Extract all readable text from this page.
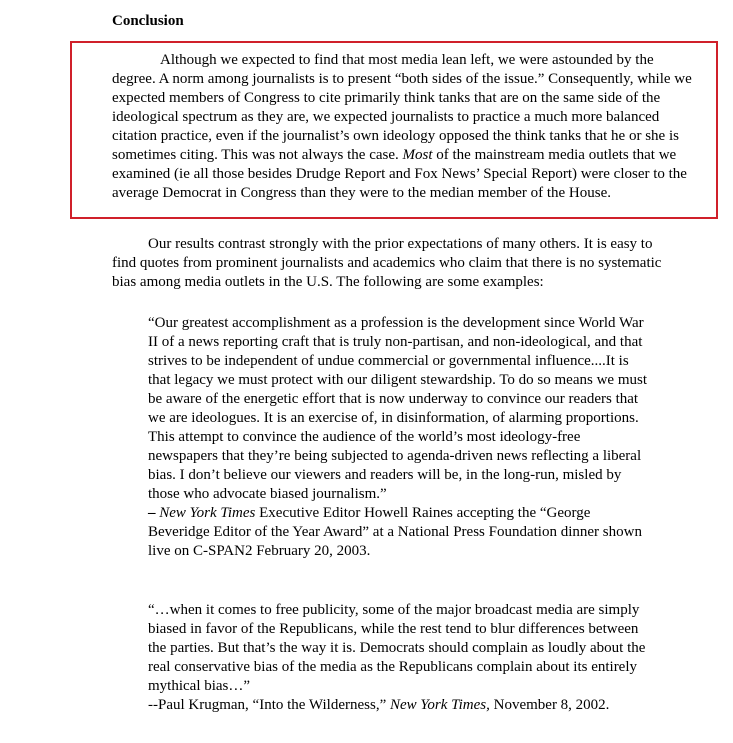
Conclusion

Although we expected to find that most media lean left, we were astounded by the degree. A norm among journalists is to present “both sides of the issue.” Consequently, while we expected members of Congress to cite primarily think tanks that are on the same side of the ideological spectrum as they are, we expected journalists to practice a much more balanced citation practice, even if the journalist’s own ideology opposed the think tanks that he or she is sometimes citing. This was not always the case. Most of the mainstream media outlets that we examined (ie all those besides Drudge Report and Fox News’ Special Report) were closer to the average Democrat in Congress than they were to the median member of the House.

Our results contrast strongly with the prior expectations of many others. It is easy to find quotes from prominent journalists and academics who claim that there is no systematic bias among media outlets in the U.S. The following are some examples:

“Our greatest accomplishment as a profession is the development since World War II of a news reporting craft that is truly non-partisan, and non-ideological, and that strives to be independent of undue commercial or governmental influence....It is that legacy we must protect with our diligent stewardship. To do so means we must be aware of the energetic effort that is now underway to convince our readers that we are ideologues. It is an exercise of, in disinformation, of alarming proportions. This attempt to convince the audience of the world’s most ideology-free newspapers that they’re being subjected to agenda-driven news reflecting a liberal bias. I don’t believe our viewers and readers will be, in the long-run, misled by those who advocate biased journalism.”
– New York Times Executive Editor Howell Raines accepting the “George Beveridge Editor of the Year Award” at a National Press Foundation dinner shown live on C-SPAN2 February 20, 2003.
“…when it comes to free publicity, some of the major broadcast media are simply biased in favor of the Republicans, while the rest tend to blur differences between the parties. But that’s the way it is. Democrats should complain as loudly about the real conservative bias of the media as the Republicans complain about its entirely mythical bias…”
--Paul Krugman, “Into the Wilderness,” New York Times, November 8, 2002.
